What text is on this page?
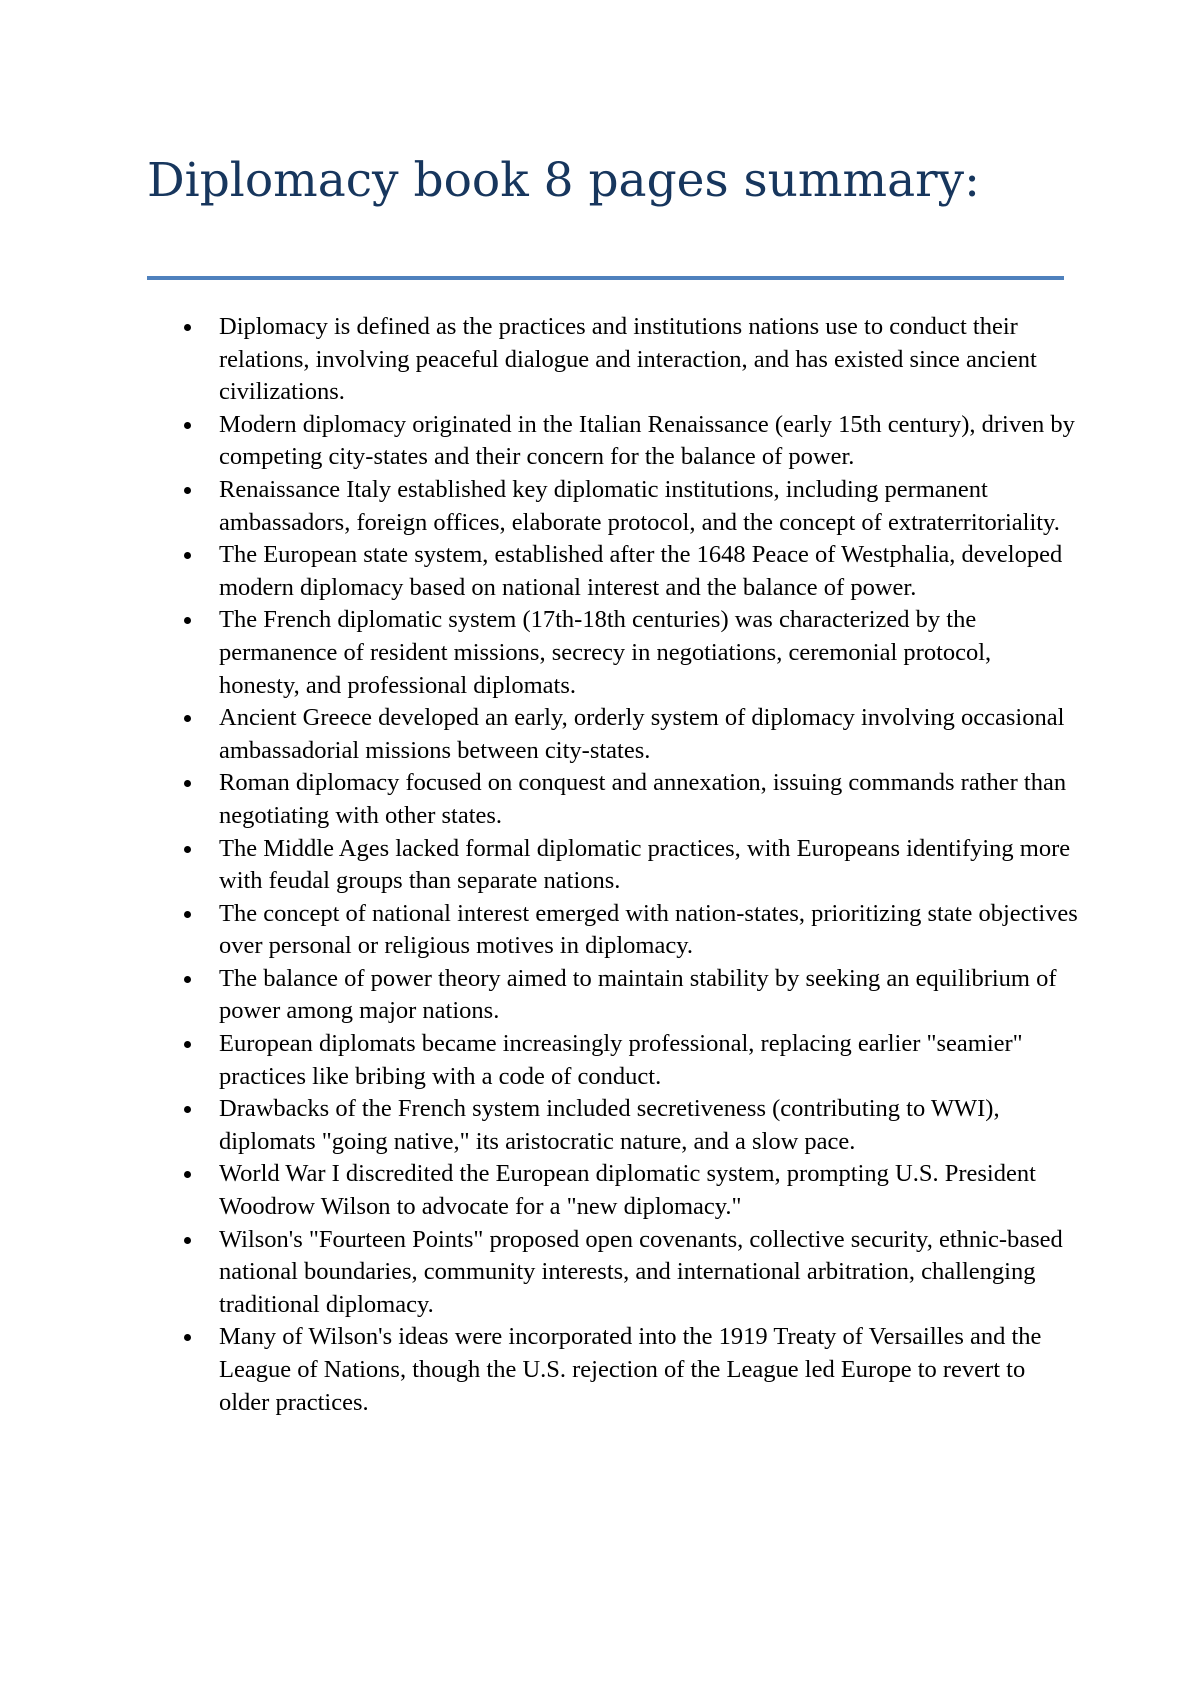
Diplomacy book 8 pages summary:
Diplomacy is defined as the practices and institutions nations use to conduct their relations, involving peaceful dialogue and interaction, and has existed since ancient civilizations.
Modern diplomacy originated in the Italian Renaissance (early 15th century), driven by competing city-states and their concern for the balance of power.
Renaissance Italy established key diplomatic institutions, including permanent ambassadors, foreign offices, elaborate protocol, and the concept of extraterritoriality.
The European state system, established after the 1648 Peace of Westphalia, developed modern diplomacy based on national interest and the balance of power.
The French diplomatic system (17th-18th centuries) was characterized by the permanence of resident missions, secrecy in negotiations, ceremonial protocol, honesty, and professional diplomats.
Ancient Greece developed an early, orderly system of diplomacy involving occasional ambassadorial missions between city-states.
Roman diplomacy focused on conquest and annexation, issuing commands rather than negotiating with other states.
The Middle Ages lacked formal diplomatic practices, with Europeans identifying more with feudal groups than separate nations.
The concept of national interest emerged with nation-states, prioritizing state objectives over personal or religious motives in diplomacy.
The balance of power theory aimed to maintain stability by seeking an equilibrium of power among major nations.
European diplomats became increasingly professional, replacing earlier "seamier" practices like bribing with a code of conduct.
Drawbacks of the French system included secretiveness (contributing to WWI), diplomats "going native," its aristocratic nature, and a slow pace.
World War I discredited the European diplomatic system, prompting U.S. President Woodrow Wilson to advocate for a "new diplomacy."
Wilson's "Fourteen Points" proposed open covenants, collective security, ethnic-based national boundaries, community interests, and international arbitration, challenging traditional diplomacy.
Many of Wilson's ideas were incorporated into the 1919 Treaty of Versailles and the League of Nations, though the U.S. rejection of the League led Europe to revert to older practices.
